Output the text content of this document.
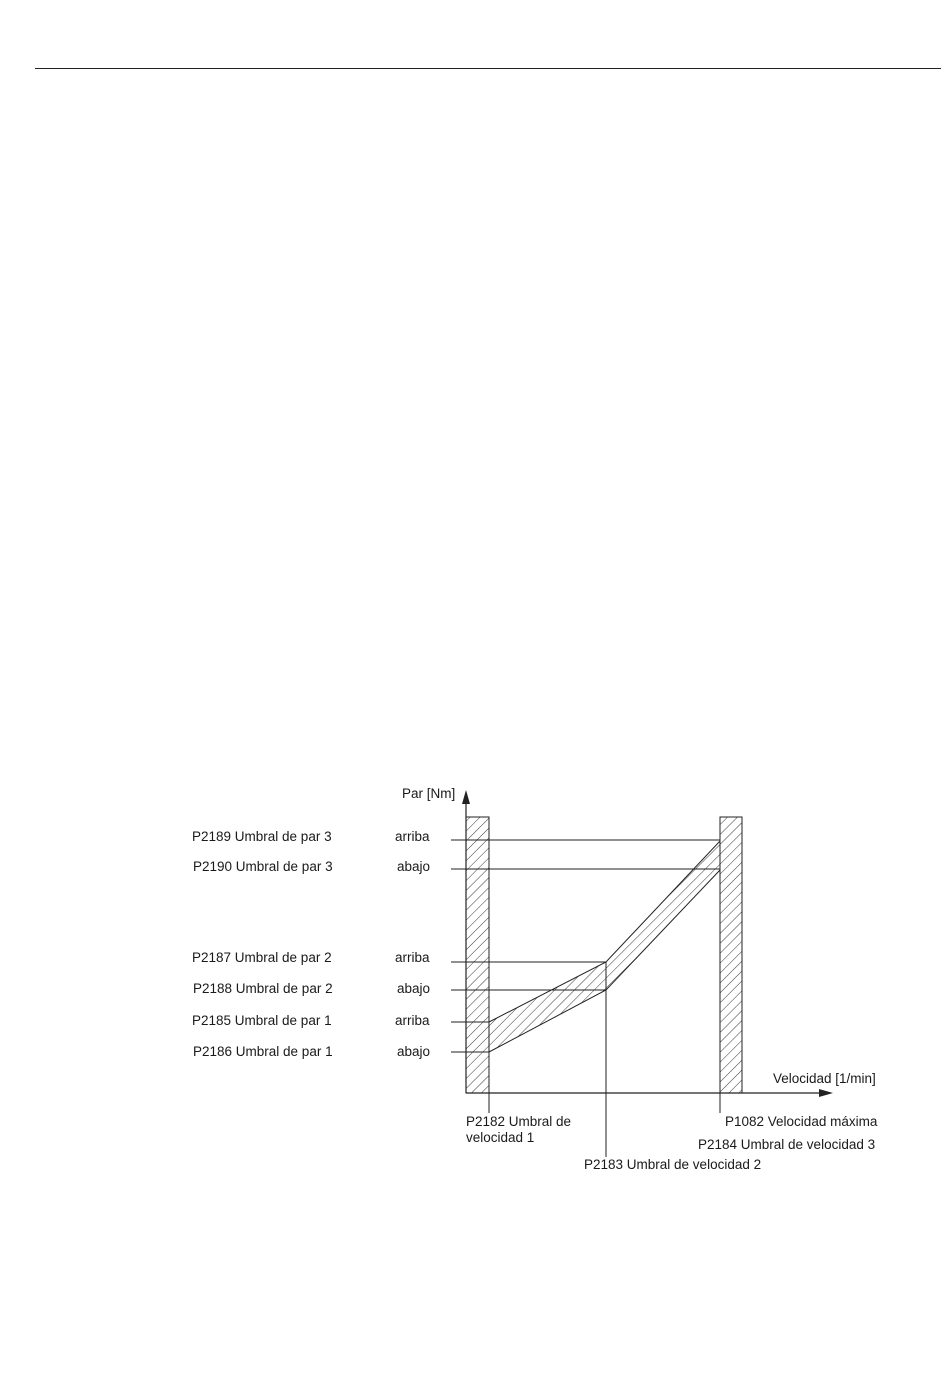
Par [Nm]
Velocidad [1/min]
P2189 Umbral de par 3	arriba
P2190 Umbral de par 3	abajo
P2187 Umbral de par 2	arriba
P2188 Umbral de par 2	abajo
P2185 Umbral de par 1	arriba
P2186 Umbral de par 1	abajo
P2182 Umbral de
velocidad 1
P2183 Umbral de velocidad 2
P1082 Velocidad máxima
P2184 Umbral de velocidad 3
